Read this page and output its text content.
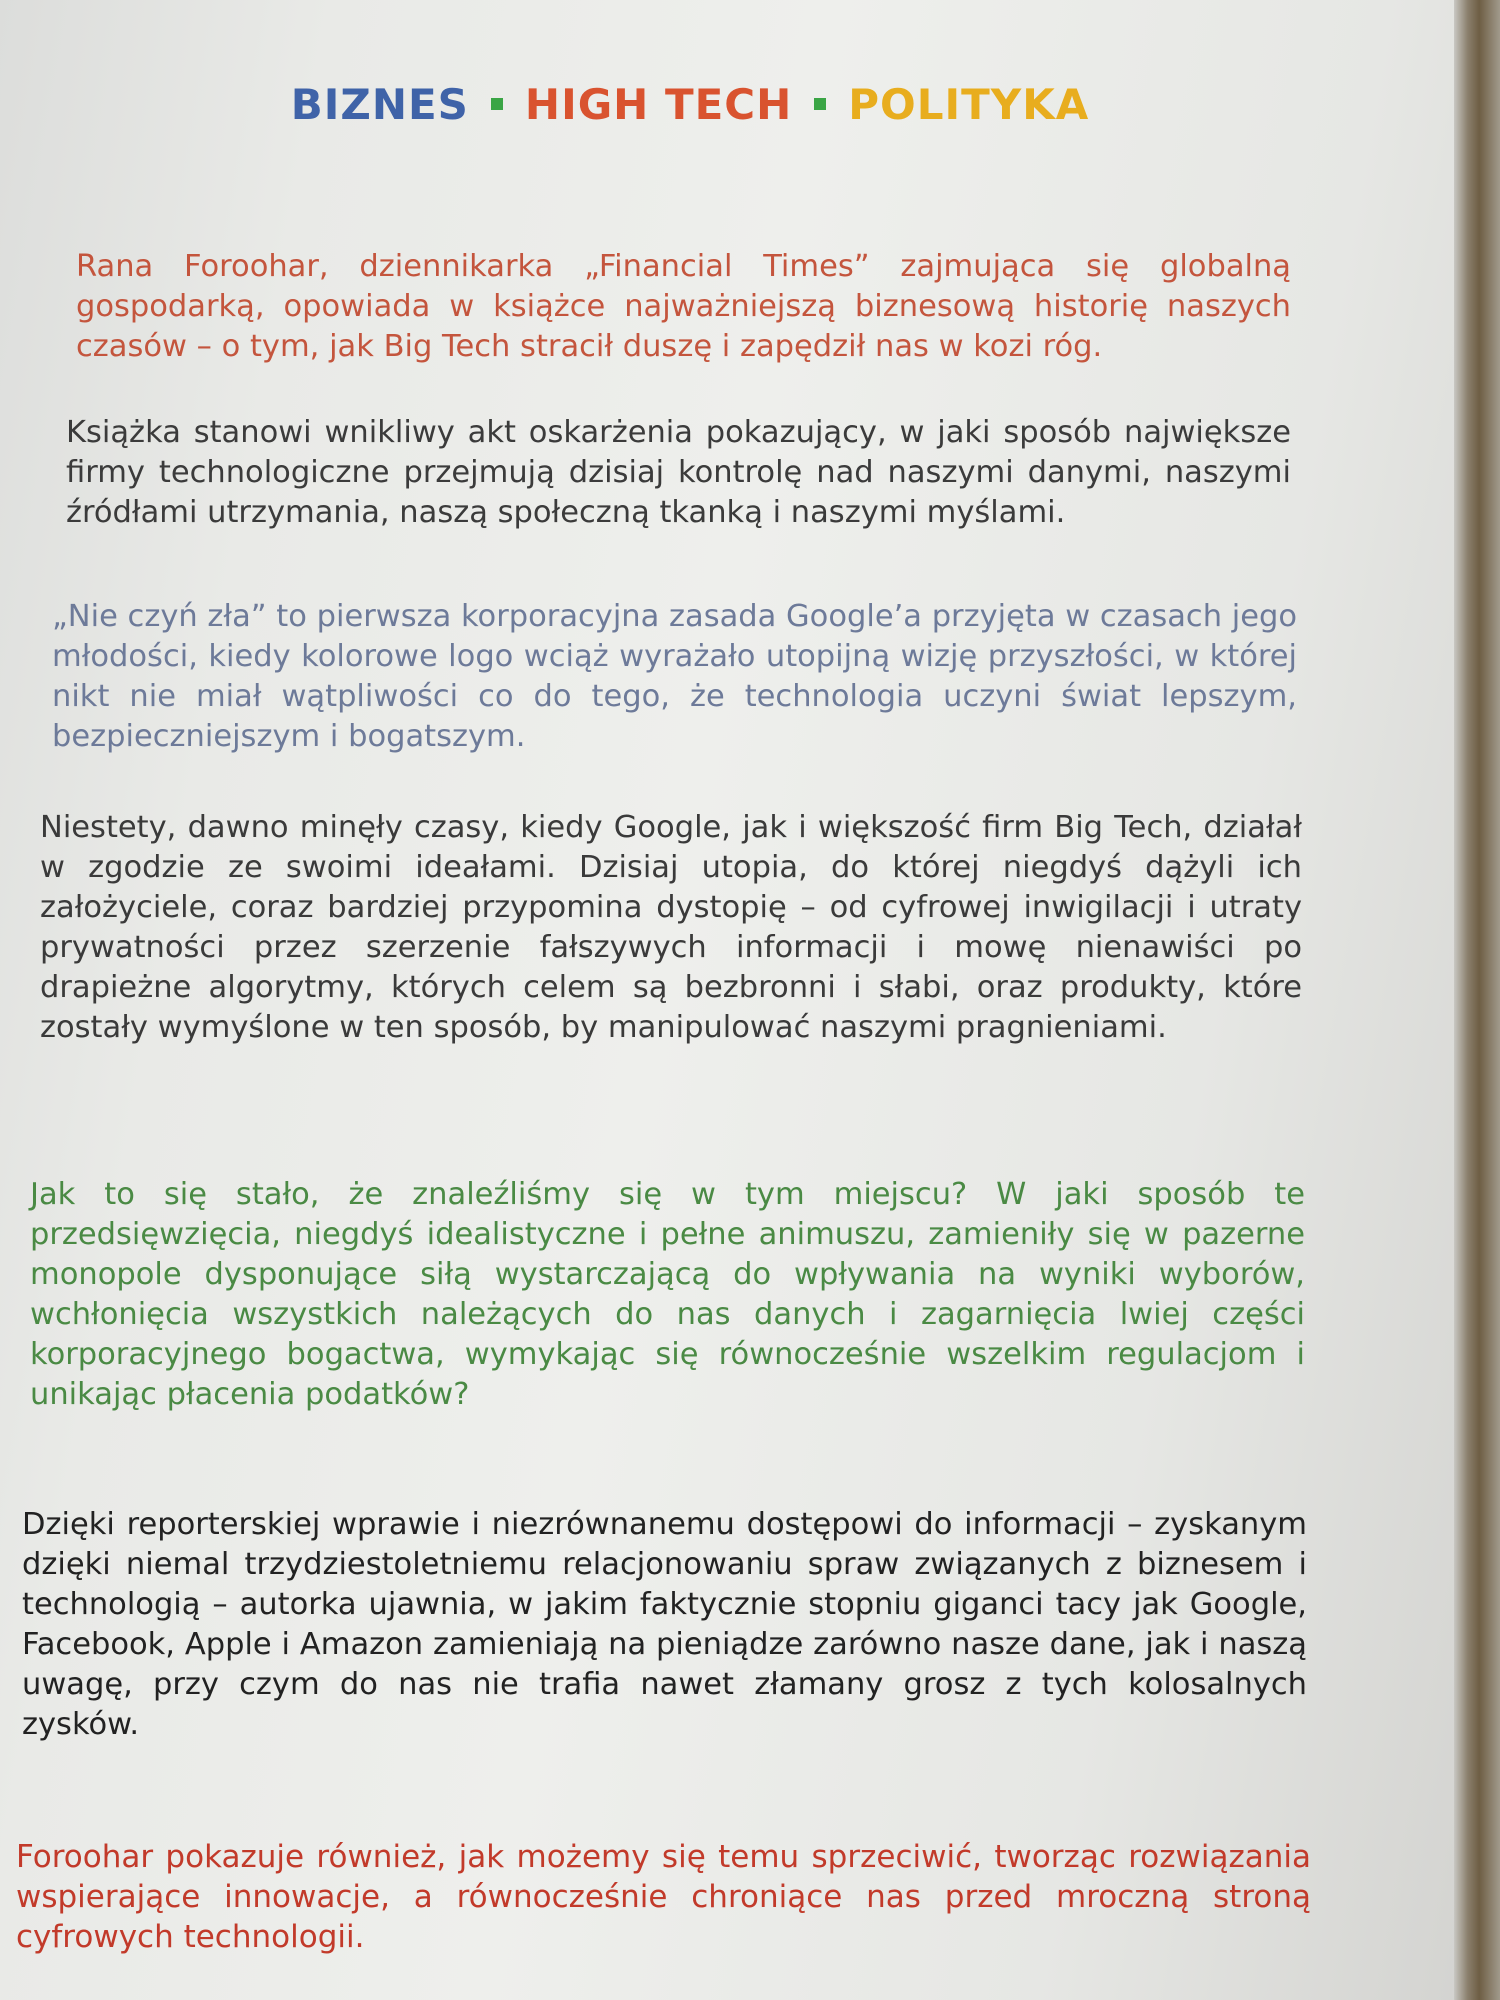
BIZNES HIGH TECH POLITYKA

Rana Foroohar, dziennikarka „Financial Times” zajmująca się globalną gospodarką, opowiada w książce najważniejszą biznesową historię naszych czasów – o tym, jak Big Tech stracił duszę i zapędził nas w kozi róg.

Książka stanowi wnikliwy akt oskarżenia pokazujący, w jaki sposób największe firmy technologiczne przejmują dzisiaj kontrolę nad naszymi danymi, naszymi źródłami utrzymania, naszą społeczną tkanką i naszymi myślami.

„Nie czyń zła” to pierwsza korporacyjna zasada Google’a przyjęta w czasach jego młodości, kiedy kolorowe logo wciąż wyrażało utopijną wizję przyszłości, w której nikt nie miał wątpliwości co do tego, że technologia uczyni świat lepszym, bezpieczniejszym i bogatszym.

Niestety, dawno minęły czasy, kiedy Google, jak i większość firm Big Tech, działał w zgodzie ze swoimi ideałami. Dzisiaj utopia, do której niegdyś dążyli ich założyciele, coraz bardziej przypomina dystopię – od cyfrowej inwigilacji i utraty prywatności przez szerzenie fałszywych informacji i mowę nienawiści po drapieżne algorytmy, których celem są bezbronni i słabi, oraz produkty, które zostały wymyślone w ten sposób, by manipulować naszymi pragnieniami.

Jak to się stało, że znaleźliśmy się w tym miejscu? W jaki sposób te przedsięwzięcia, niegdyś idealistyczne i pełne animuszu, zamieniły się w pazerne monopole dysponujące siłą wystarczającą do wpływania na wyniki wyborów, wchłonięcia wszystkich należących do nas danych i zagarnięcia lwiej części korporacyjnego bogactwa, wymykając się równocześnie wszelkim regulacjom i unikając płacenia podatków?

Dzięki reporterskiej wprawie i niezrównanemu dostępowi do informacji – zyskanym dzięki niemal trzydziestoletniemu relacjonowaniu spraw związanych z biznesem i technologią – autorka ujawnia, w jakim faktycznie stopniu giganci tacy jak Google, Facebook, Apple i Amazon zamieniają na pieniądze zarówno nasze dane, jak i naszą uwagę, przy czym do nas nie trafia nawet złamany grosz z tych kolosalnych zysków.

Foroohar pokazuje również, jak możemy się temu sprzeciwić, tworząc rozwiązania wspierające innowacje, a równocześnie chroniące nas przed mroczną stroną cyfrowych technologii.
